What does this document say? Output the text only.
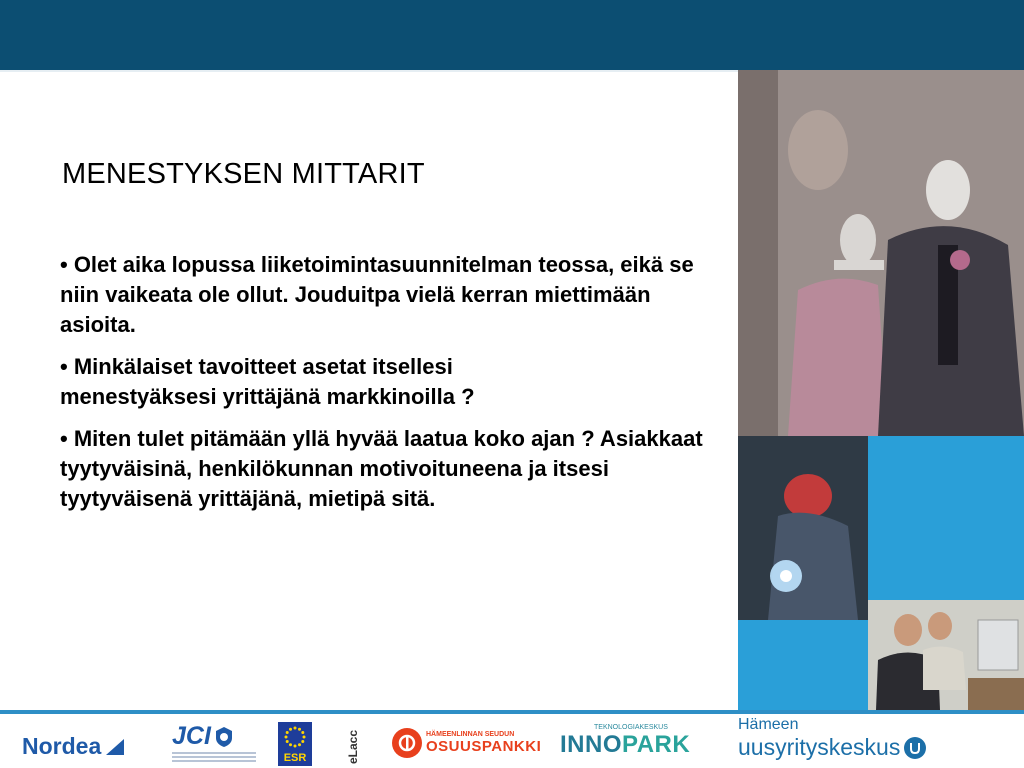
MENESTYKSEN MITTARIT

• Olet aika lopussa liiketoimintasuunnitelman teossa, eikä se niin vaikeata ole ollut. Jouduitpa vielä kerran miettimään asioita.

• Minkälaiset tavoitteet asetat itsellesi menestyäksesi yrittäjänä markkinoilla ?

• Miten tulet pitämään yllä hyvää laatua koko ajan ? Asiakkaat tyytyväisinä, henkilökunnan motivoituneena ja itsesi tyytyväisenä yrittäjänä, mietipä sitä.

Nordea	JCI
ESR	eLacc	HÄMEENLINNAN SEUDUN
OSUUSPANKKI
TEKNOLOGIAKESKUS
INNOPARK
Hämeen
uusyrityskeskus
